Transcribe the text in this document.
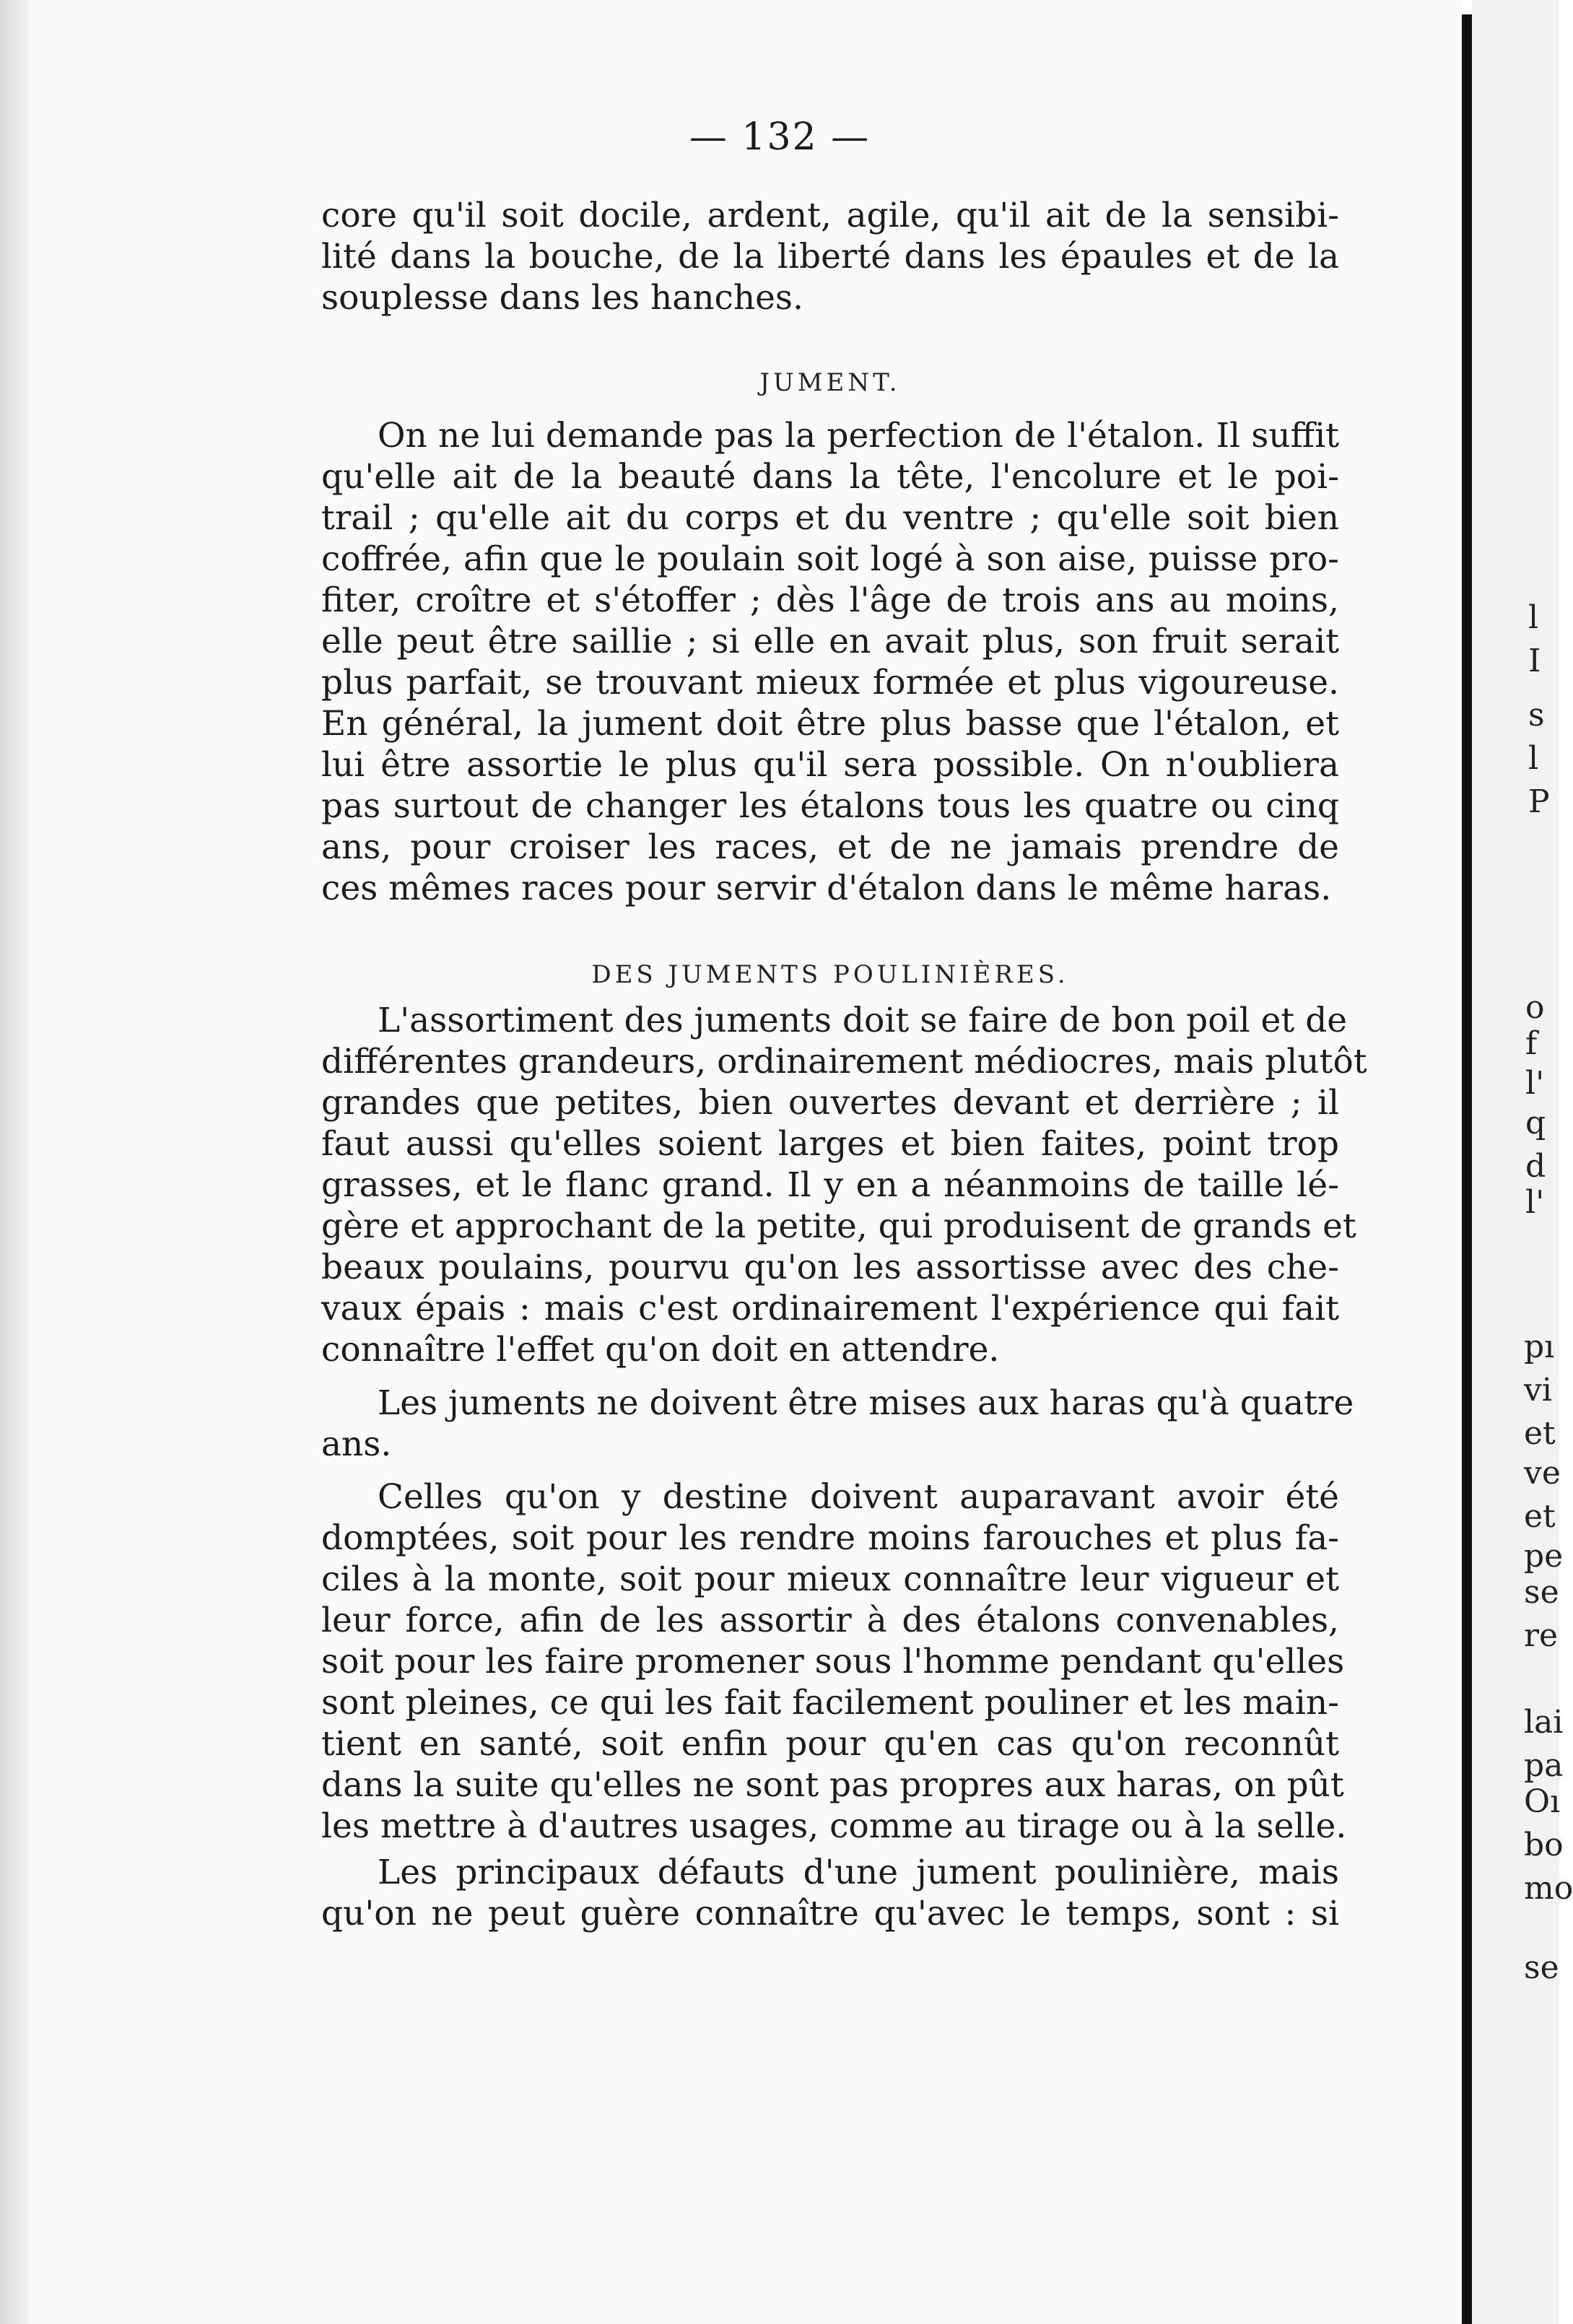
l
I
s
l
P
o
f
l'
q
d
l'
pı
vi
et
ve
et
pe
se
re
lai
pa
Oı
bo
mo
se
— 132 —
core qu'il soit docile, ardent, agile, qu'il ait de la sensibi-
lité dans la bouche, de la liberté dans les épaules et de la
souplesse dans les hanches.
JUMENT.
On ne lui demande pas la perfection de l'étalon. Il suffit
qu'elle ait de la beauté dans la tête, l'encolure et le poi-
trail ; qu'elle ait du corps et du ventre ; qu'elle soit bien
coffrée, afin que le poulain soit logé à son aise, puisse pro-
fiter, croître et s'étoffer ; dès l'âge de trois ans au moins,
elle peut être saillie ; si elle en avait plus, son fruit serait
plus parfait, se trouvant mieux formée et plus vigoureuse.
En général, la jument doit être plus basse que l'étalon, et
lui être assortie le plus qu'il sera possible. On n'oubliera
pas surtout de changer les étalons tous les quatre ou cinq
ans, pour croiser les races, et de ne jamais prendre de
ces mêmes races pour servir d'étalon dans le même haras.
DES JUMENTS POULINIÈRES.
L'assortiment des juments doit se faire de bon poil et de
différentes grandeurs, ordinairement médiocres, mais plutôt
grandes que petites, bien ouvertes devant et derrière ; il
faut aussi qu'elles soient larges et bien faites, point trop
grasses, et le flanc grand. Il y en a néanmoins de taille lé-
gère et approchant de la petite, qui produisent de grands et
beaux poulains, pourvu qu'on les assortisse avec des che-
vaux épais : mais c'est ordinairement l'expérience qui fait
connaître l'effet qu'on doit en attendre.
Les juments ne doivent être mises aux haras qu'à quatre
ans.
Celles qu'on y destine doivent auparavant avoir été
domptées, soit pour les rendre moins farouches et plus fa-
ciles à la monte, soit pour mieux connaître leur vigueur et
leur force, afin de les assortir à des étalons convenables,
soit pour les faire promener sous l'homme pendant qu'elles
sont pleines, ce qui les fait facilement pouliner et les main-
tient en santé, soit enfin pour qu'en cas qu'on reconnût
dans la suite qu'elles ne sont pas propres aux haras, on pût
les mettre à d'autres usages, comme au tirage ou à la selle.
Les principaux défauts d'une jument poulinière, mais
qu'on ne peut guère connaître qu'avec le temps, sont : si
